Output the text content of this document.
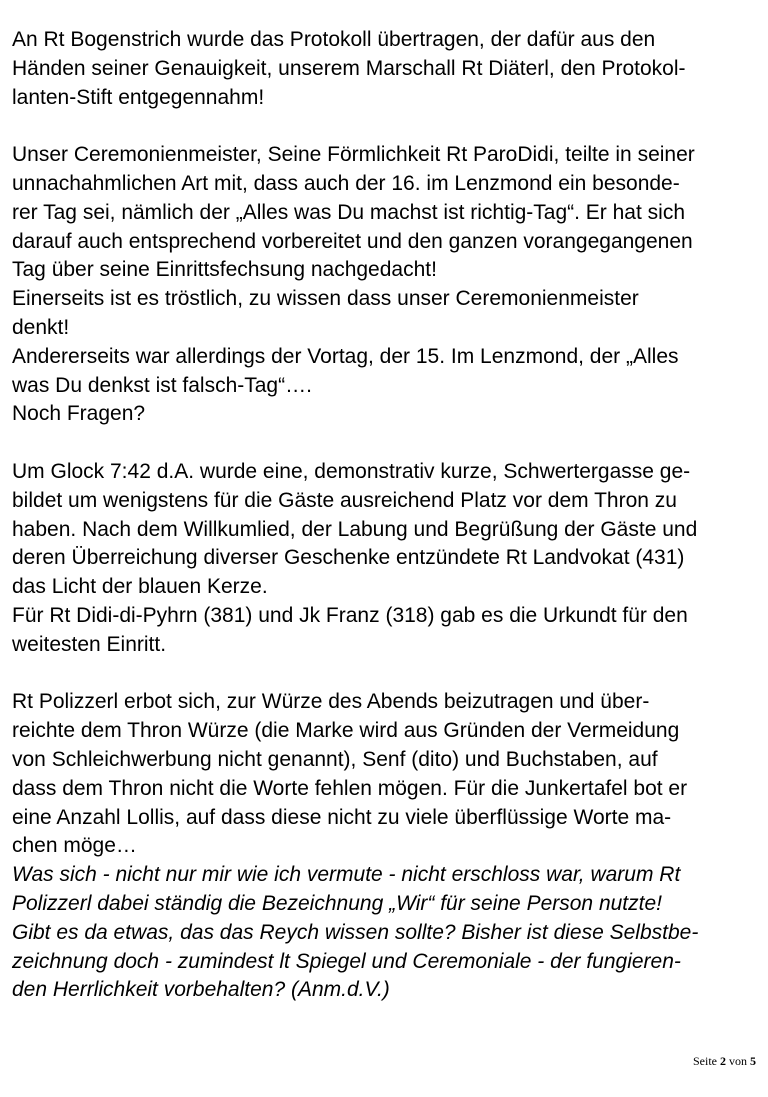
An Rt Bogenstrich wurde das Protokoll übertragen, der dafür aus den
Händen seiner Genauigkeit, unserem Marschall Rt Diäterl, den Protokol-
lanten-Stift entgegennahm!

Unser Ceremonienmeister, Seine Förmlichkeit Rt ParoDidi, teilte in seiner
unnachahmlichen Art mit, dass auch der 16. im Lenzmond ein besonde-
rer Tag sei, nämlich der „Alles was Du machst ist richtig-Tag“. Er hat sich
darauf auch entsprechend vorbereitet und den ganzen vorangegangenen
Tag über seine Einrittsfechsung nachgedacht!
Einerseits ist es tröstlich, zu wissen dass unser Ceremonienmeister
denkt!
Andererseits war allerdings der Vortag, der 15. Im Lenzmond, der „Alles
was Du denkst ist falsch-Tag“….
Noch Fragen?

Um Glock 7:42 d.A. wurde eine, demonstrativ kurze, Schwertergasse ge-
bildet um wenigstens für die Gäste ausreichend Platz vor dem Thron zu
haben. Nach dem Willkumlied, der Labung und Begrüßung der Gäste und
deren Überreichung diverser Geschenke entzündete Rt Landvokat (431)
das Licht der blauen Kerze.
Für Rt Didi-di-Pyhrn (381) und Jk Franz (318) gab es die Urkundt für den
weitesten Einritt.

Rt Polizzerl erbot sich, zur Würze des Abends beizutragen und über-
reichte dem Thron Würze (die Marke wird aus Gründen der Vermeidung
von Schleichwerbung nicht genannt), Senf (dito) und Buchstaben, auf
dass dem Thron nicht die Worte fehlen mögen. Für die Junkertafel bot er
eine Anzahl Lollis, auf dass diese nicht zu viele überflüssige Worte ma-
chen möge…
Was sich - nicht nur mir wie ich vermute - nicht erschloss war, warum Rt
Polizzerl dabei ständig die Bezeichnung „Wir“ für seine Person nutzte!
Gibt es da etwas, das das Reych wissen sollte? Bisher ist diese Selbstbe-
zeichnung doch - zumindest lt Spiegel und Ceremoniale - der fungieren-
den Herrlichkeit vorbehalten? (Anm.d.V.)

Seite 2 von 5
